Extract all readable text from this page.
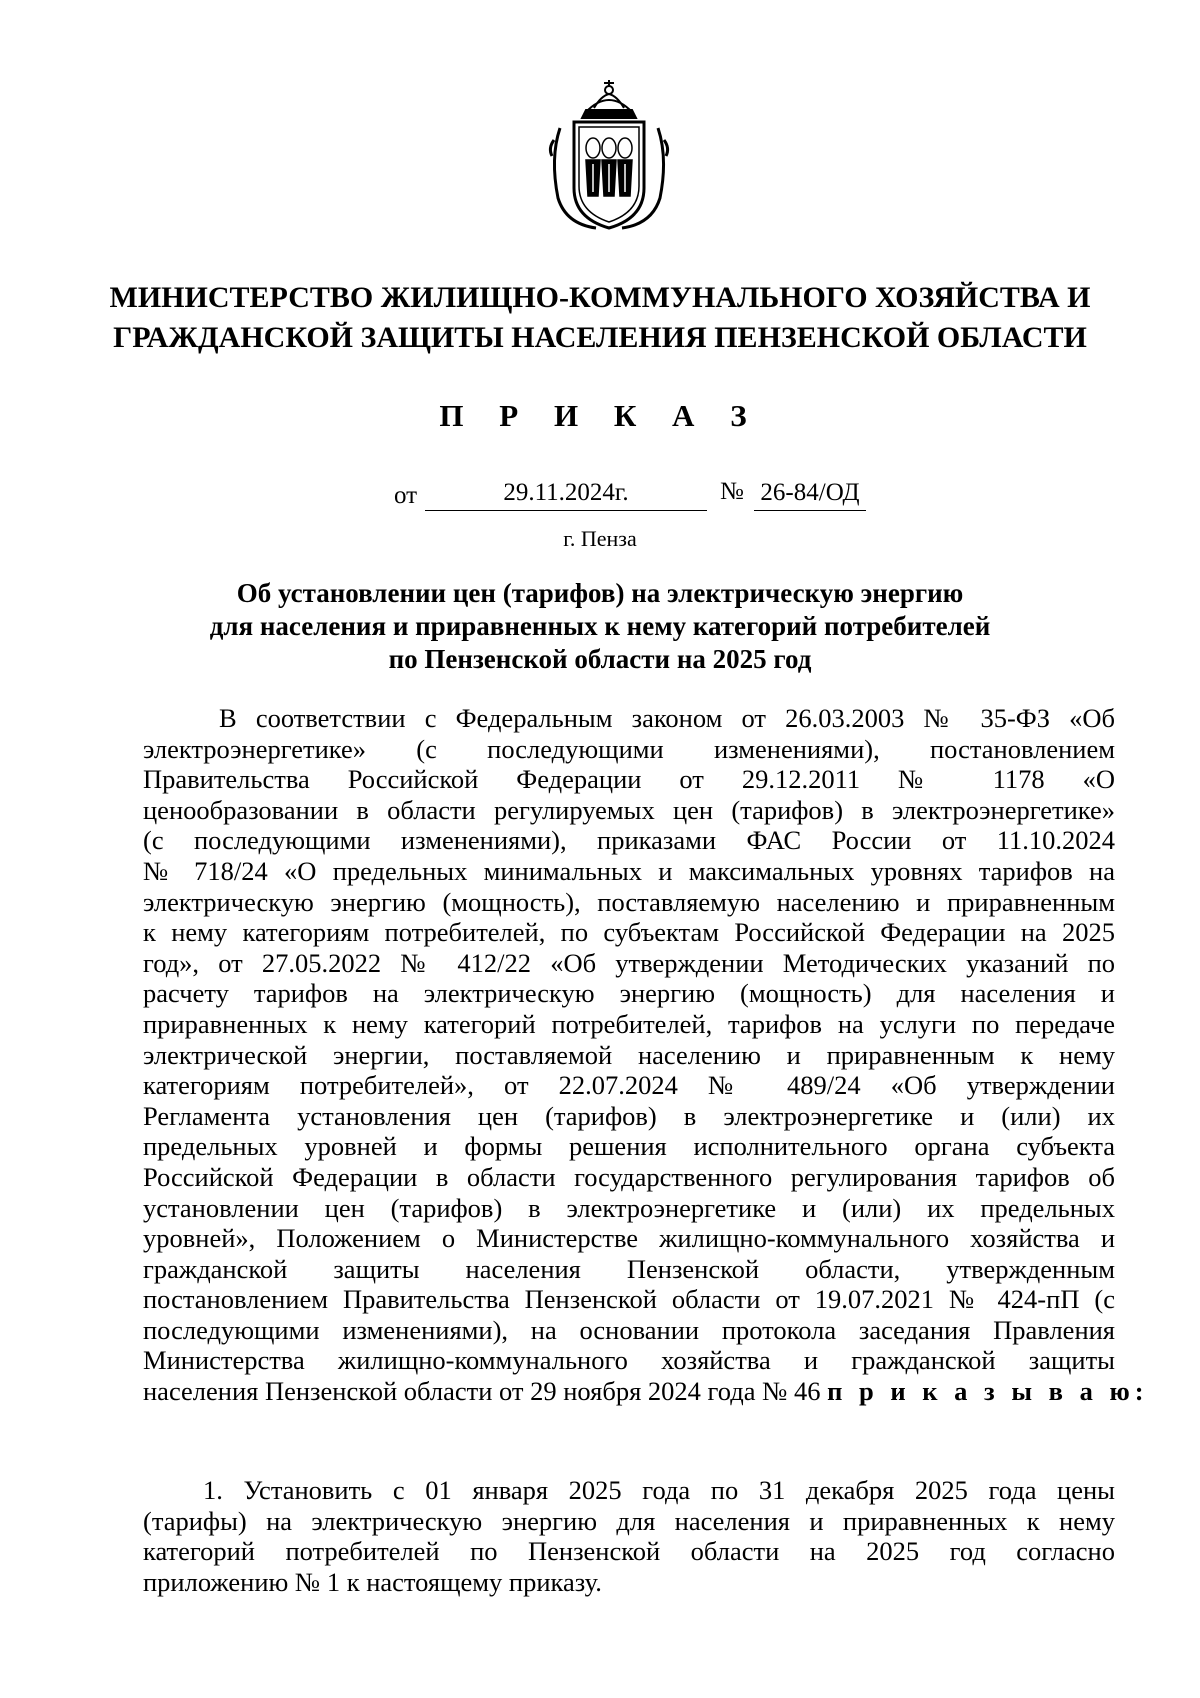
МИНИСТЕРСТВО ЖИЛИЩНО-КОММУНАЛЬНОГО ХОЗЯЙСТВА И
ГРАЖДАНСКОЙ ЗАЩИТЫ НАСЕЛЕНИЯ ПЕНЗЕНСКОЙ ОБЛАСТИ
П Р И К А З
от	29.11.2024г.	№ 26-84/ОД
г. Пенза
Об установлении цен (тарифов) на электрическую энергию
для населения и приравненных к нему категорий потребителей
по Пензенской области на 2025 год
В соответствии с Федеральным законом от 26.03.2003 № 35-ФЗ «Об
электроэнергетике» (с последующими изменениями), постановлением
Правительства Российской Федерации от 29.12.2011 № 1178 «О
ценообразовании в области регулируемых цен (тарифов) в электроэнергетике»
(с последующими изменениями), приказами ФАС России от 11.10.2024
№ 718/24 «О предельных минимальных и максимальных уровнях тарифов на
электрическую энергию (мощность), поставляемую населению и приравненным
к нему категориям потребителей, по субъектам Российской Федерации на 2025
год», от 27.05.2022 № 412/22 «Об утверждении Методических указаний по
расчету тарифов на электрическую энергию (мощность) для населения и
приравненных к нему категорий потребителей, тарифов на услуги по передаче
электрической энергии, поставляемой населению и приравненным к нему
категориям потребителей», от 22.07.2024 № 489/24 «Об утверждении
Регламента установления цен (тарифов) в электроэнергетике и (или) их
предельных уровней и формы решения исполнительного органа субъекта
Российской Федерации в области государственного регулирования тарифов об
установлении цен (тарифов) в электроэнергетике и (или) их предельных
уровней», Положением о Министерстве жилищно-коммунального хозяйства и
гражданской защиты населения Пензенской области, утвержденным
постановлением Правительства Пензенской области от 19.07.2021 № 424-пП (с
последующими изменениями), на основании протокола заседания Правления
Министерства жилищно-коммунального хозяйства и гражданской защиты
населения Пензенской области от 29 ноября 2024 года № 46 п р и к а з ы в а ю:
1. Установить с 01 января 2025 года по 31 декабря 2025 года цены
(тарифы) на электрическую энергию для населения и приравненных к нему
категорий потребителей по Пензенской области на 2025 год согласно
приложению № 1 к настоящему приказу.
